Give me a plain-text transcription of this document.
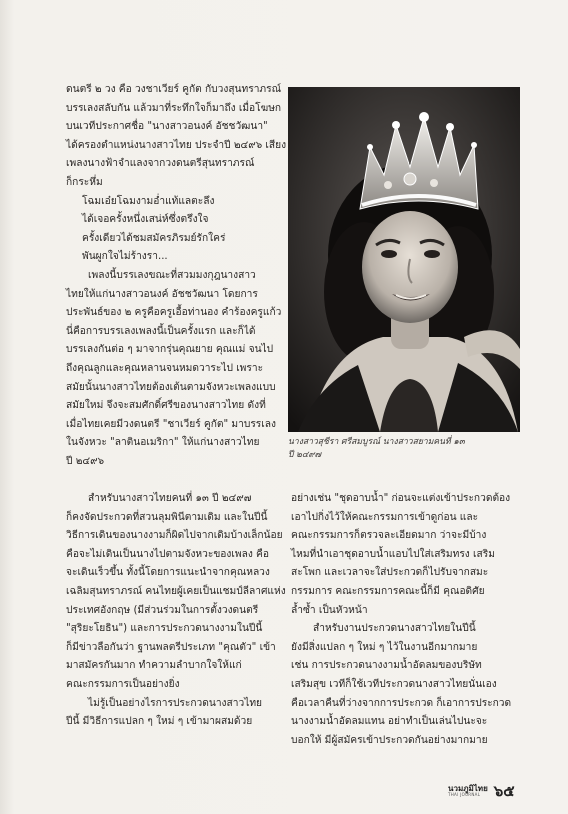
ดนตรี ๒ วง คือ วงชาเวียร์ คูกัต กับวงสุนทราภรณ์

บรรเลงสลับกัน แล้วมาที่ระทึกใจก็มาถึง เมื่อโฆษก

บนเวทีประกาศชื่อ "นางสาวอนงค์ อัชชวัฒนา"

ได้ครองตำแหน่งนางสาวไทย ประจำปี ๒๔๙๖ เสียง

เพลงนางฟ้าจำแลงจากวงดนตรีสุนทราภรณ์

ก็กระหึ่ม

โฉมเอ๋ยโฉมงามอ่ำแท้แลตะลึง

ได้เจอครั้งหนึ่งเสน่ห์ซึ่งตรึงใจ

ครั้งเดียวได้ชมสมัครภิรมย์รักใคร่

พันผูกใจไม่ร้างรา...

เพลงนี้บรรเลงขณะที่สวมมงกุฎนางสาว

ไทยให้แก่นางสาวอนงค์ อัชชวัฒนา โดยการ

ประพันธ์ของ ๒ ครูคือครูเอื้อท่านอง คำร้องครูแก้ว

นี่คือการบรรเลงเพลงนี้เป็นครั้งแรก และก็ได้

บรรเลงกันต่อ ๆ มาจากรุ่นคุณยาย คุณแม่ จนไป

ถึงคุณลูกและคุณหลานจนหมดวาระไป เพราะ

สมัยนั้นนางสาวไทยต้องเต้นตามจังหวะเพลงแบบ

สมัยใหม่ จึงจะสมศักดิ์ศรีของนางสาวไทย ดังที่

เมื่อไทยเคยมีวงดนตรี "ชาเวียร์ คูกัต" มาบรรเลง

ในจังหวะ "ลาตินอเมริกา" ให้แก่นางสาวไทย

ปี ๒๔๙๖

นางสาวสุชีรา ศรีสมบูรณ์ นางสาวสยามคนที่ ๑๓

ปี ๒๔๙๗

สำหรับนางสาวไทยคนที่ ๑๓ ปี ๒๔๙๗

ก็คงจัดประกวดที่สวนลุมพินีตามเดิม และในปีนี้

วิธีการเดินของนางงามก็ผิดไปจากเดิมบ้างเล็กน้อย

คือจะไม่เดินเป็นนางไปตามจังหวะของเพลง คือ

จะเดินเร็วขึ้น ทั้งนี้โดยการแนะนำจากคุณหลวง

เฉลิมสุนทราภรณ์ คนไทยผู้เคยเป็นแชมป์ลีลาศแห่ง

ประเทศอังกฤษ (มีส่วนร่วมในการตั้งวงดนตรี

"สุริยะโยธิน") และการประกวดนางงามในปีนี้

ก็มีข่าวลือกันว่า ฐานพลตรีประเภท "คุณตัว" เข้า

มาสมัครกันมาก ทำความลำบากใจให้แก่

คณะกรรมการเป็นอย่างยิ่ง

ไม่รู้เป็นอย่างไรการประกวดนางสาวไทย

ปีนี้ มีวิธีการแปลก ๆ ใหม่ ๆ เข้ามาผสมด้วย

อย่างเช่น "ชุดอาบน้ำ" ก่อนจะแต่งเข้าประกวดต้อง

เอาไปกิ่งไว้ให้คณะกรรมการเข้าดูก่อน และ

คณะกรรมการก็ตรวจละเอียดมาก ว่าจะมีบ้าง

ไหมที่นำเอาชุดอาบน้ำแอบไปใส่เสริมทรง เสริม

สะโพก และเวลาจะใส่ประกวดก็ไปรับจากสมะ

กรรมการ คณะกรรมการคณะนี้ก็มี คุณอดิศัย

ล้ำซ้ำ เป็นหัวหน้า

สำหรับงานประกวดนางสาวไทยในปีนี้

ยังมีสิ่งแปลก ๆ ใหม่ ๆ ไว้ในงานอีกมากมาย

เช่น การประกวดนางงามน้ำอัดลมของบริษัท

เสริมสุข เวทีก็ใช้เวทีประกวดนางสาวไทยนั่นเอง

คือเวลาคืนที่ว่างจากการประกวด ก็เอาการประกวด

นางงามน้ำอัดลมแทน อย่าทำเป็นเล่นไปนะจะ

บอกให้ มีผู้สมัครเข้าประกวดกันอย่างมากมาย

นวมภูมิไทย
THAI JOURNAL ๖๕
